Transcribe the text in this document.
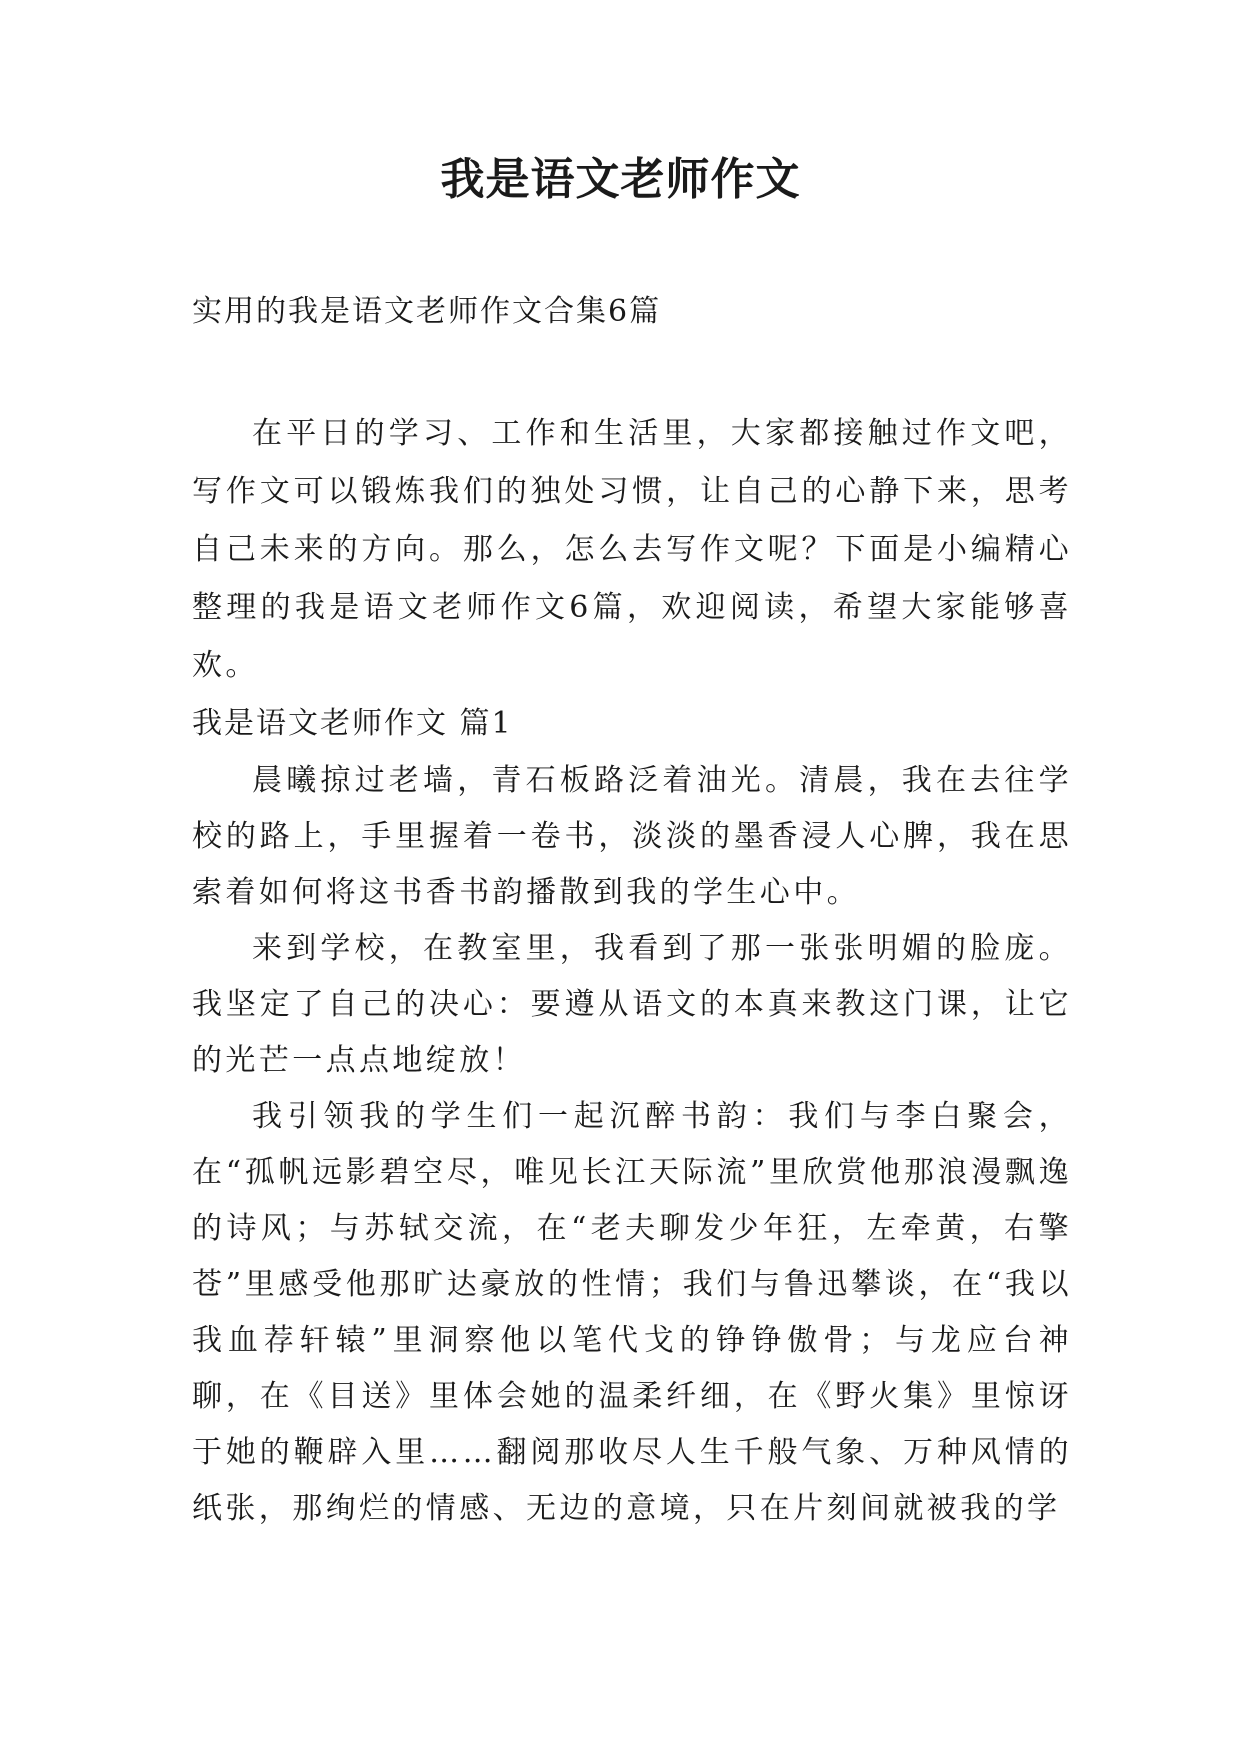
我是语文老师作文
实用的我是语文老师作文合集6篇

在平日的学习、工作和生活里，大家都接触过作文吧，写作文可以锻炼我们的独处习惯，让自己的心静下来，思考自己未来的方向。那么，怎么去写作文呢？下面是小编精心整理的我是语文老师作文6篇，欢迎阅读，希望大家能够喜欢。

我是语文老师作文 篇1

晨曦掠过老墙，青石板路泛着油光。清晨，我在去往学校的路上，手里握着一卷书，淡淡的墨香浸人心脾，我在思索着如何将这书香书韵播散到我的学生心中。

来到学校，在教室里，我看到了那一张张明媚的脸庞。我坚定了自己的决心：要遵从语文的本真来教这门课，让它的光芒一点点地绽放！

我引领我的学生们一起沉醉书韵：我们与李白聚会，在“孤帆远影碧空尽，唯见长江天际流”里欣赏他那浪漫飘逸的诗风；与苏轼交流，在“老夫聊发少年狂，左牵黄，右擎苍”里感受他那旷达豪放的性情；我们与鲁迅攀谈，在“我以我血荐轩辕”里洞察他以笔代戈的铮铮傲骨；与龙应台神聊，在《目送》里体会她的温柔纤细，在《野火集》里惊讶于她的鞭辟入里……翻阅那收尽人生千般气象、万种风情的纸张，那绚烂的情感、无边的意境，只在片刻间就被我的学
